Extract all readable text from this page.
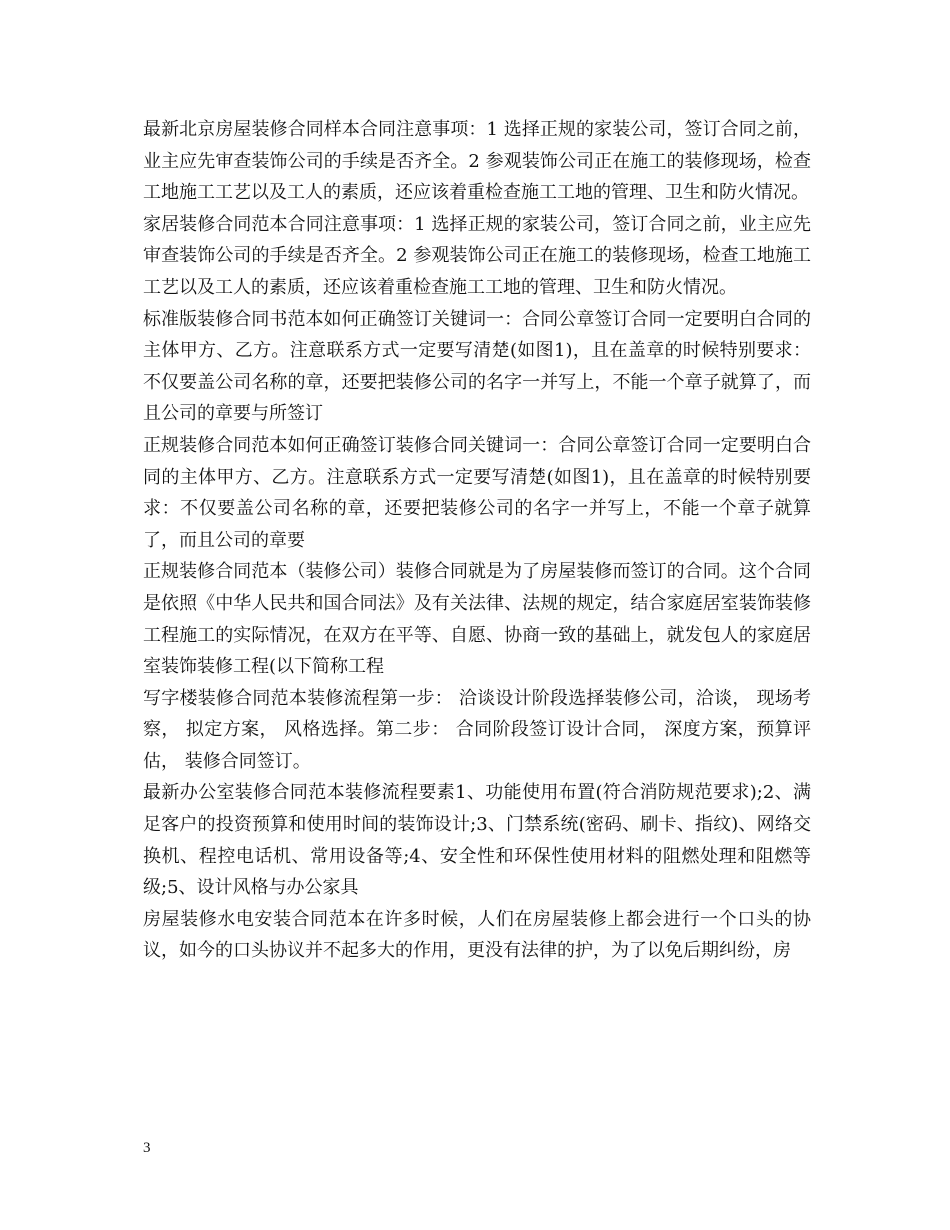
最新北京房屋装修合同样本合同注意事项：1 选择正规的家装公司，签订合同之前，业主应先审查装饰公司的手续是否齐全。2 参观装饰公司正在施工的装修现场，检查工地施工工艺以及工人的素质，还应该着重检查施工工地的管理、卫生和防火情况。

家居装修合同范本合同注意事项：1 选择正规的家装公司，签订合同之前，业主应先审查装饰公司的手续是否齐全。2 参观装饰公司正在施工的装修现场，检查工地施工工艺以及工人的素质，还应该着重检查施工工地的管理、卫生和防火情况。

标准版装修合同书范本如何正确签订关键词一：合同公章签订合同一定要明白合同的主体甲方、乙方。注意联系方式一定要写清楚(如图1)，且在盖章的时候特别要求：不仅要盖公司名称的章，还要把装修公司的名字一并写上，不能一个章子就算了，而且公司的章要与所签订

正规装修合同范本如何正确签订装修合同关键词一：合同公章签订合同一定要明白合同的主体甲方、乙方。注意联系方式一定要写清楚(如图1)，且在盖章的时候特别要求：不仅要盖公司名称的章，还要把装修公司的名字一并写上，不能一个章子就算了，而且公司的章要

正规装修合同范本（装修公司）装修合同就是为了房屋装修而签订的合同。这个合同是依照《中华人民共和国合同法》及有关法律、法规的规定，结合家庭居室装饰装修工程施工的实际情况，在双方在平等、自愿、协商一致的基础上，就发包人的家庭居室装饰装修工程(以下简称工程

写字楼装修合同范本装修流程第一步： 洽谈设计阶段选择装修公司，洽谈， 现场考察， 拟定方案， 风格选择。第二步： 合同阶段签订设计合同， 深度方案，预算评估， 装修合同签订。

最新办公室装修合同范本装修流程要素1、功能使用布置(符合消防规范要求);2、满足客户的投资预算和使用时间的装饰设计;3、门禁系统(密码、刷卡、指纹)、网络交换机、程控电话机、常用设备等;4、安全性和环保性使用材料的阻燃处理和阻燃等级;5、设计风格与办公家具

房屋装修水电安装合同范本在许多时候，人们在房屋装修上都会进行一个口头的协议，如今的口头协议并不起多大的作用，更没有法律的护，为了以免后期纠纷，房

3
